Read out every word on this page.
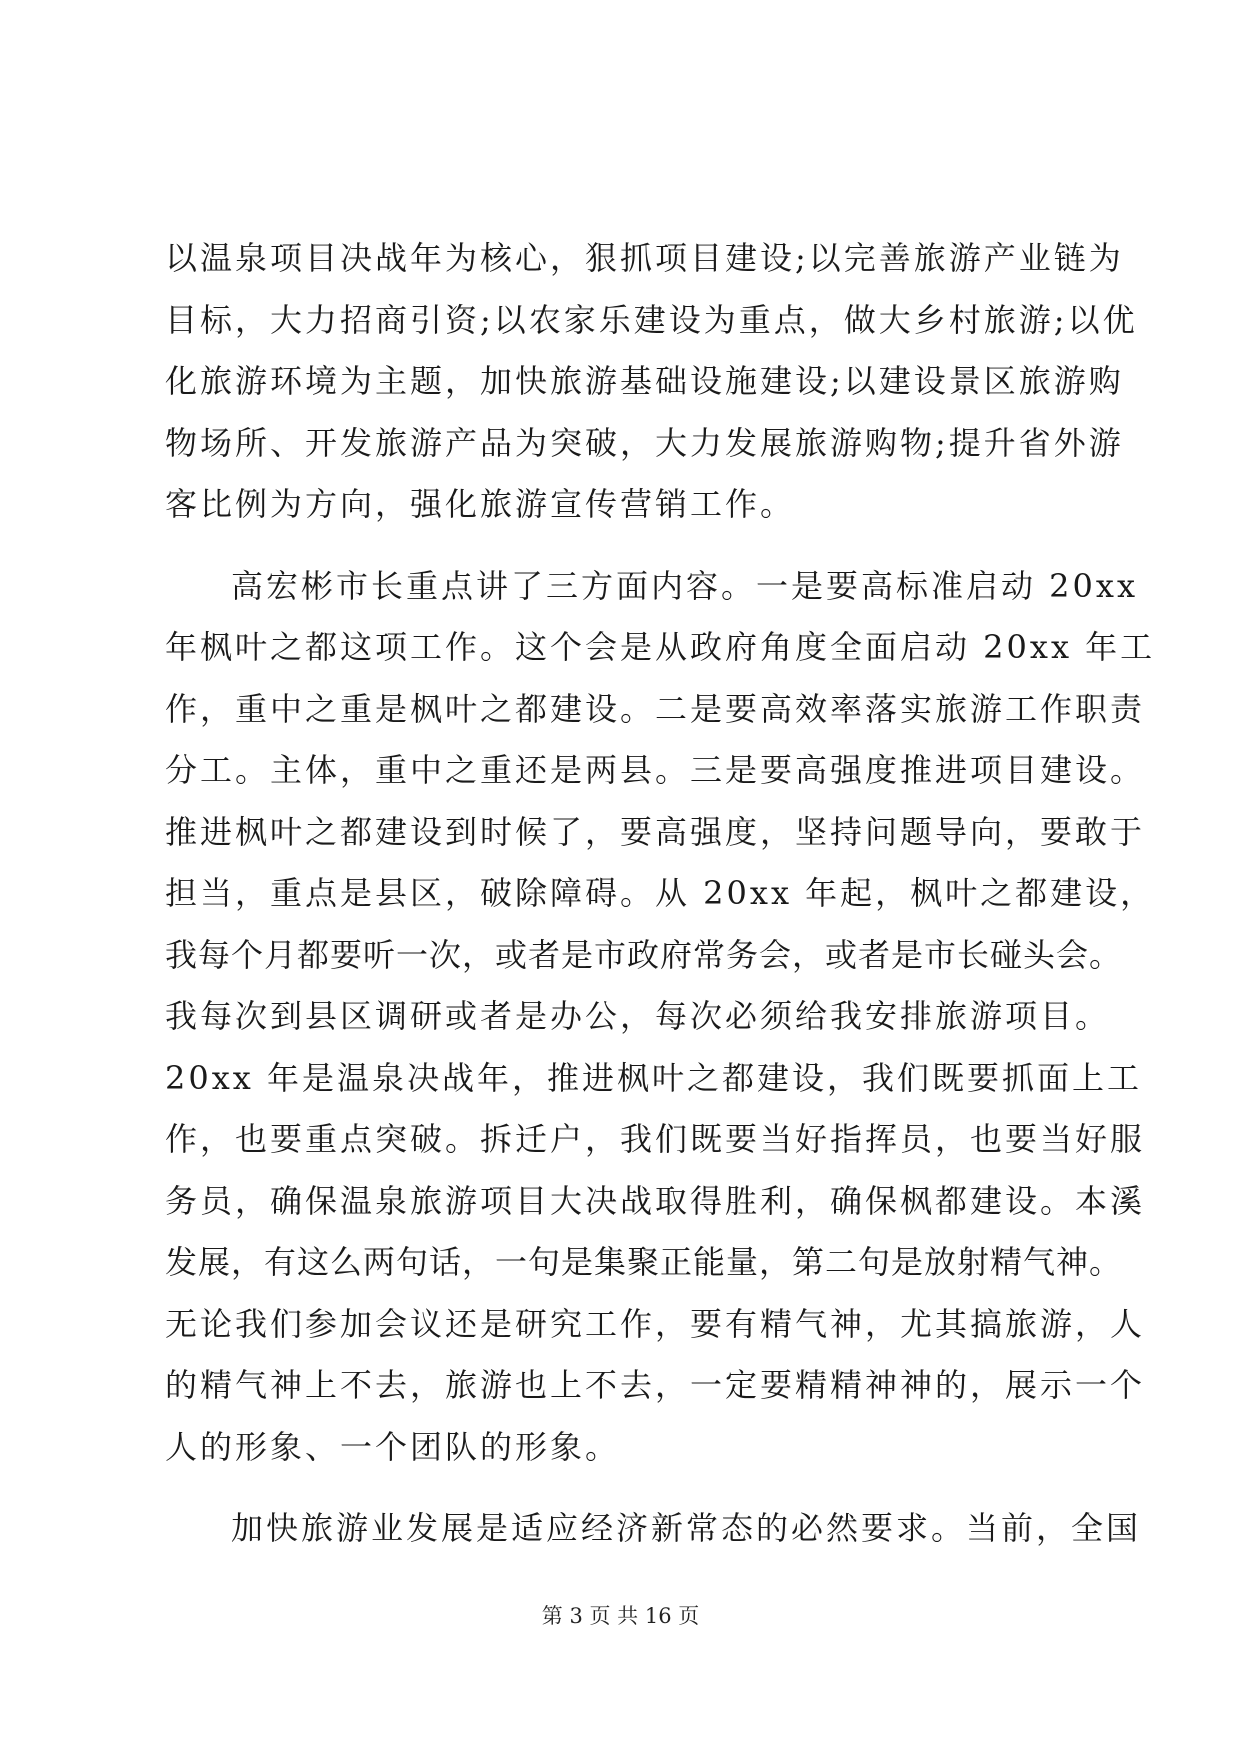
以温泉项目决战年为核心，狠抓项目建设;以完善旅游产业链为
目标，大力招商引资;以农家乐建设为重点，做大乡村旅游;以优
化旅游环境为主题，加快旅游基础设施建设;以建设景区旅游购
物场所、开发旅游产品为突破，大力发展旅游购物;提升省外游
客比例为方向，强化旅游宣传营销工作。
高宏彬市长重点讲了三方面内容。一是要高标准启动 20xx
年枫叶之都这项工作。这个会是从政府角度全面启动 20xx 年工
作，重中之重是枫叶之都建设。二是要高效率落实旅游工作职责
分工。主体，重中之重还是两县。三是要高强度推进项目建设。
推进枫叶之都建设到时候了，要高强度，坚持问题导向，要敢于
担当，重点是县区，破除障碍。从 20xx 年起，枫叶之都建设，
我每个月都要听一次，或者是市政府常务会，或者是市长碰头会。
我每次到县区调研或者是办公，每次必须给我安排旅游项目。
20xx 年是温泉决战年，推进枫叶之都建设，我们既要抓面上工
作，也要重点突破。拆迁户，我们既要当好指挥员，也要当好服
务员，确保温泉旅游项目大决战取得胜利，确保枫都建设。本溪
发展，有这么两句话，一句是集聚正能量，第二句是放射精气神。
无论我们参加会议还是研究工作，要有精气神，尤其搞旅游，人
的精气神上不去，旅游也上不去，一定要精精神神的，展示一个
人的形象、一个团队的形象。
加快旅游业发展是适应经济新常态的必然要求。当前，全国
第 3 页 共 16 页
